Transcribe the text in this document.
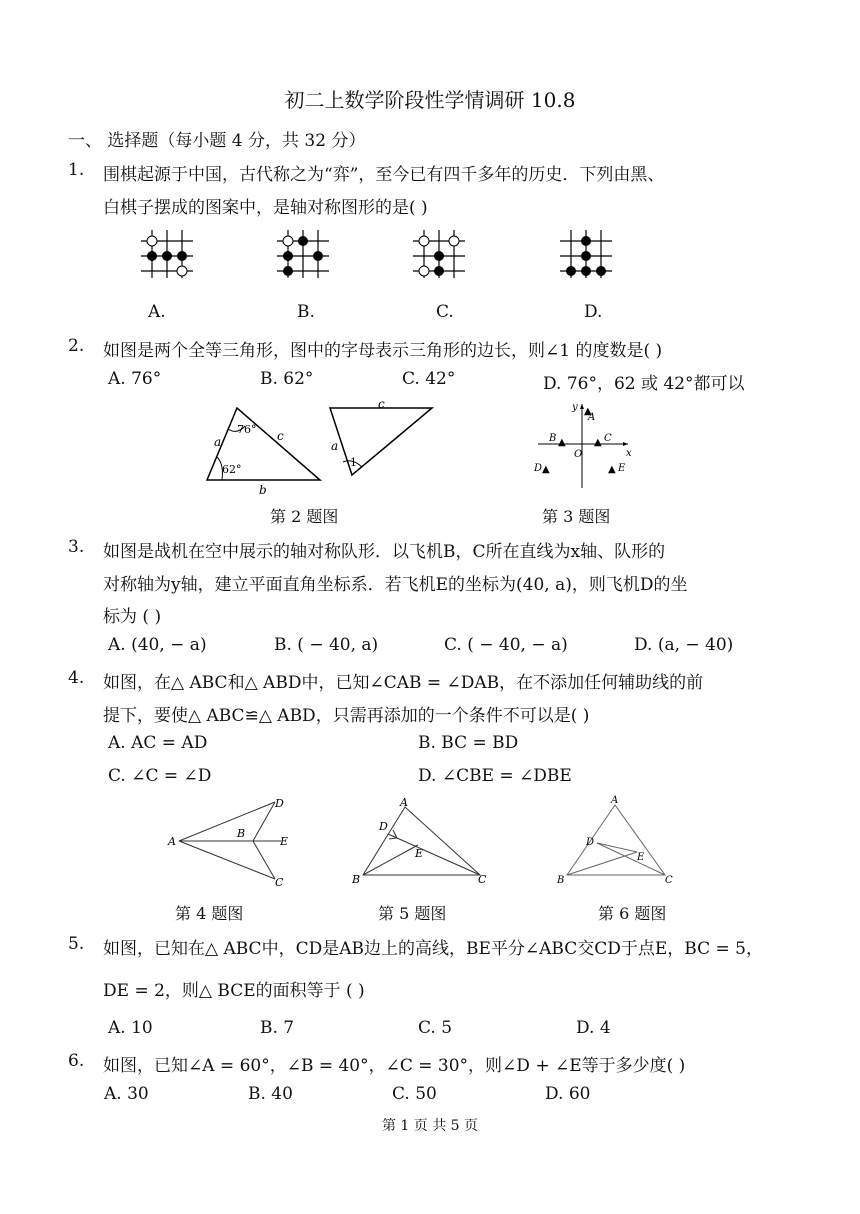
初二上数学阶段性学情调研 10.8
一、 选择题（每小题 4 分，共 32 分）
1. 围棋起源于中国，古代称之为“弈”，至今已有四千多年的历史．下列由黑、
白棋子摆成的图案中，是轴对称图形的是( )
A.	B.	C.	D.
2. 如图是两个全等三角形，图中的字母表示三角形的边长，则∠1 的度数是( )
A. 76°	B. 62°	C. 42°	D. 76°，62 或 42°都可以
a
b
c
a
c
76°
62°
1
第 2 题图
▲
▲	▲
▲	▲
y
x
O
A
B	C
D	E
第 3 题图
3. 如图是战机在空中展示的轴对称队形．以飞机B，C所在直线为x轴、队形的
对称轴为y轴，建立平面直角坐标系．若飞机E的坐标为(40, a)，则飞机D的坐
标为 ( )
A. (40, − a)	B. ( − 40, a)	C. ( − 40, − a)	D. (a, − 40)
4. 如图，在△ ABC和△ ABD中，已知∠CAB = ∠DAB，在不添加任何辅助线的前
提下，要使△ ABC≌△ ABD，只需再添加的一个条件不可以是( )
A. AC = AD	B. BC = BD
C. ∠C = ∠D	D. ∠CBE = ∠DBE
A
B
C
D
E
第 4 题图
A
B	C
D
E
第 5 题图
A
B	C
D
E
第 6 题图
5. 如图，已知在△ ABC中，CD是AB边上的高线，BE平分∠ABC交CD于点E，BC = 5，
DE = 2，则△ BCE的面积等于 ( )
A. 10	B. 7	C. 5	D. 4
6. 如图，已知∠A = 60°，∠B = 40°，∠C = 30°，则∠D + ∠E等于多少度( )
A. 30	B. 40	C. 50	D. 60
第 1 页 共 5 页
